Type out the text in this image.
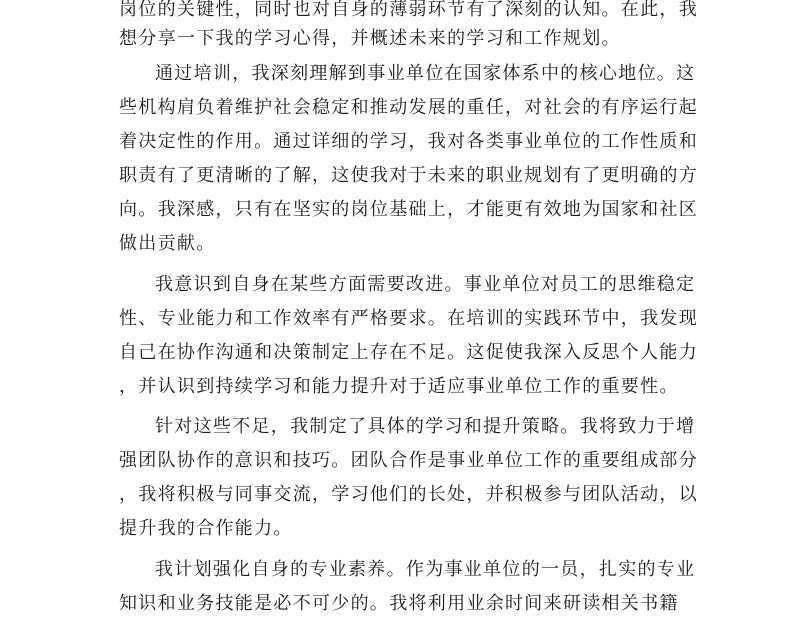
岗位的关键性，同时也对自身的薄弱环节有了深刻的认知。在此，我
想分享一下我的学习心得，并概述未来的学习和工作规划。
通过培训，我深刻理解到事业单位在国家体系中的核心地位。这
些机构肩负着维护社会稳定和推动发展的重任，对社会的有序运行起
着决定性的作用。通过详细的学习，我对各类事业单位的工作性质和
职责有了更清晰的了解，这使我对于未来的职业规划有了更明确的方
向。我深感，只有在坚实的岗位基础上，才能更有效地为国家和社区
做出贡献。
我意识到自身在某些方面需要改进。事业单位对员工的思维稳定
性、专业能力和工作效率有严格要求。在培训的实践环节中，我发现
自己在协作沟通和决策制定上存在不足。这促使我深入反思个人能力
，并认识到持续学习和能力提升对于适应事业单位工作的重要性。
针对这些不足，我制定了具体的学习和提升策略。我将致力于增
强团队协作的意识和技巧。团队合作是事业单位工作的重要组成部分
，我将积极与同事交流，学习他们的长处，并积极参与团队活动，以
提升我的合作能力。
我计划强化自身的专业素养。作为事业单位的一员，扎实的专业
知识和业务技能是必不可少的。我将利用业余时间来研读相关书籍
